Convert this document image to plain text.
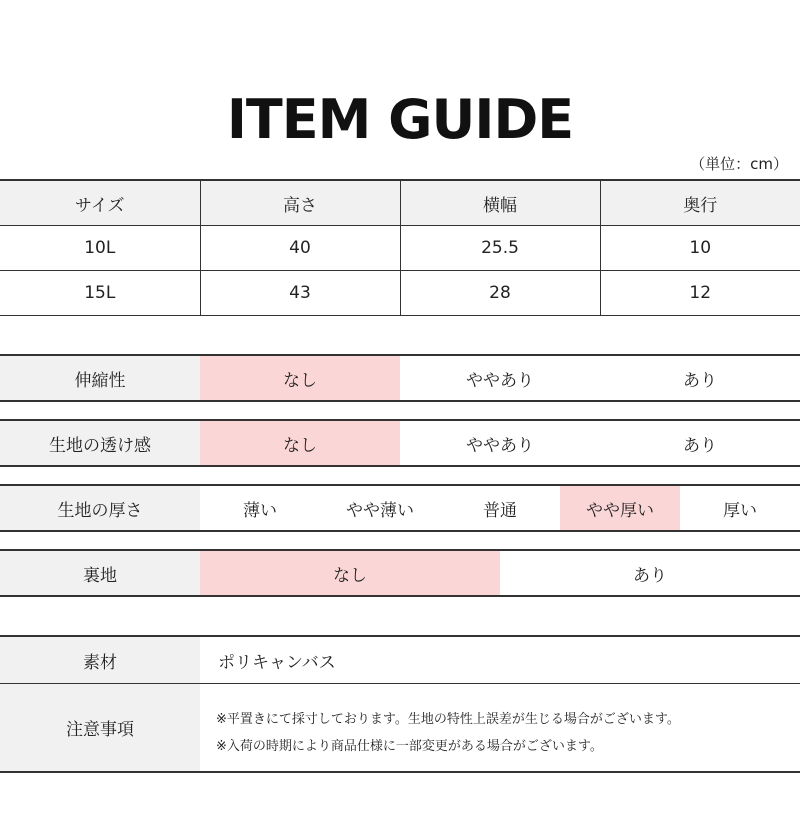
ITEM GUIDE
（単位：cm）
サイズ	高さ	横幅	奥行
10L	40	25.5	10
15L	43	28	12
伸縮性	なし	ややあり	あり
生地の透け感	なし	ややあり	あり
生地の厚さ	薄い	やや薄い	普通	やや厚い	厚い
裏地	なし	あり
素材	ポリキャンバス
注意事項
※平置きにて採寸しております。生地の特性上誤差が生じる場合がございます。
※入荷の時期により商品仕様に一部変更がある場合がございます。
